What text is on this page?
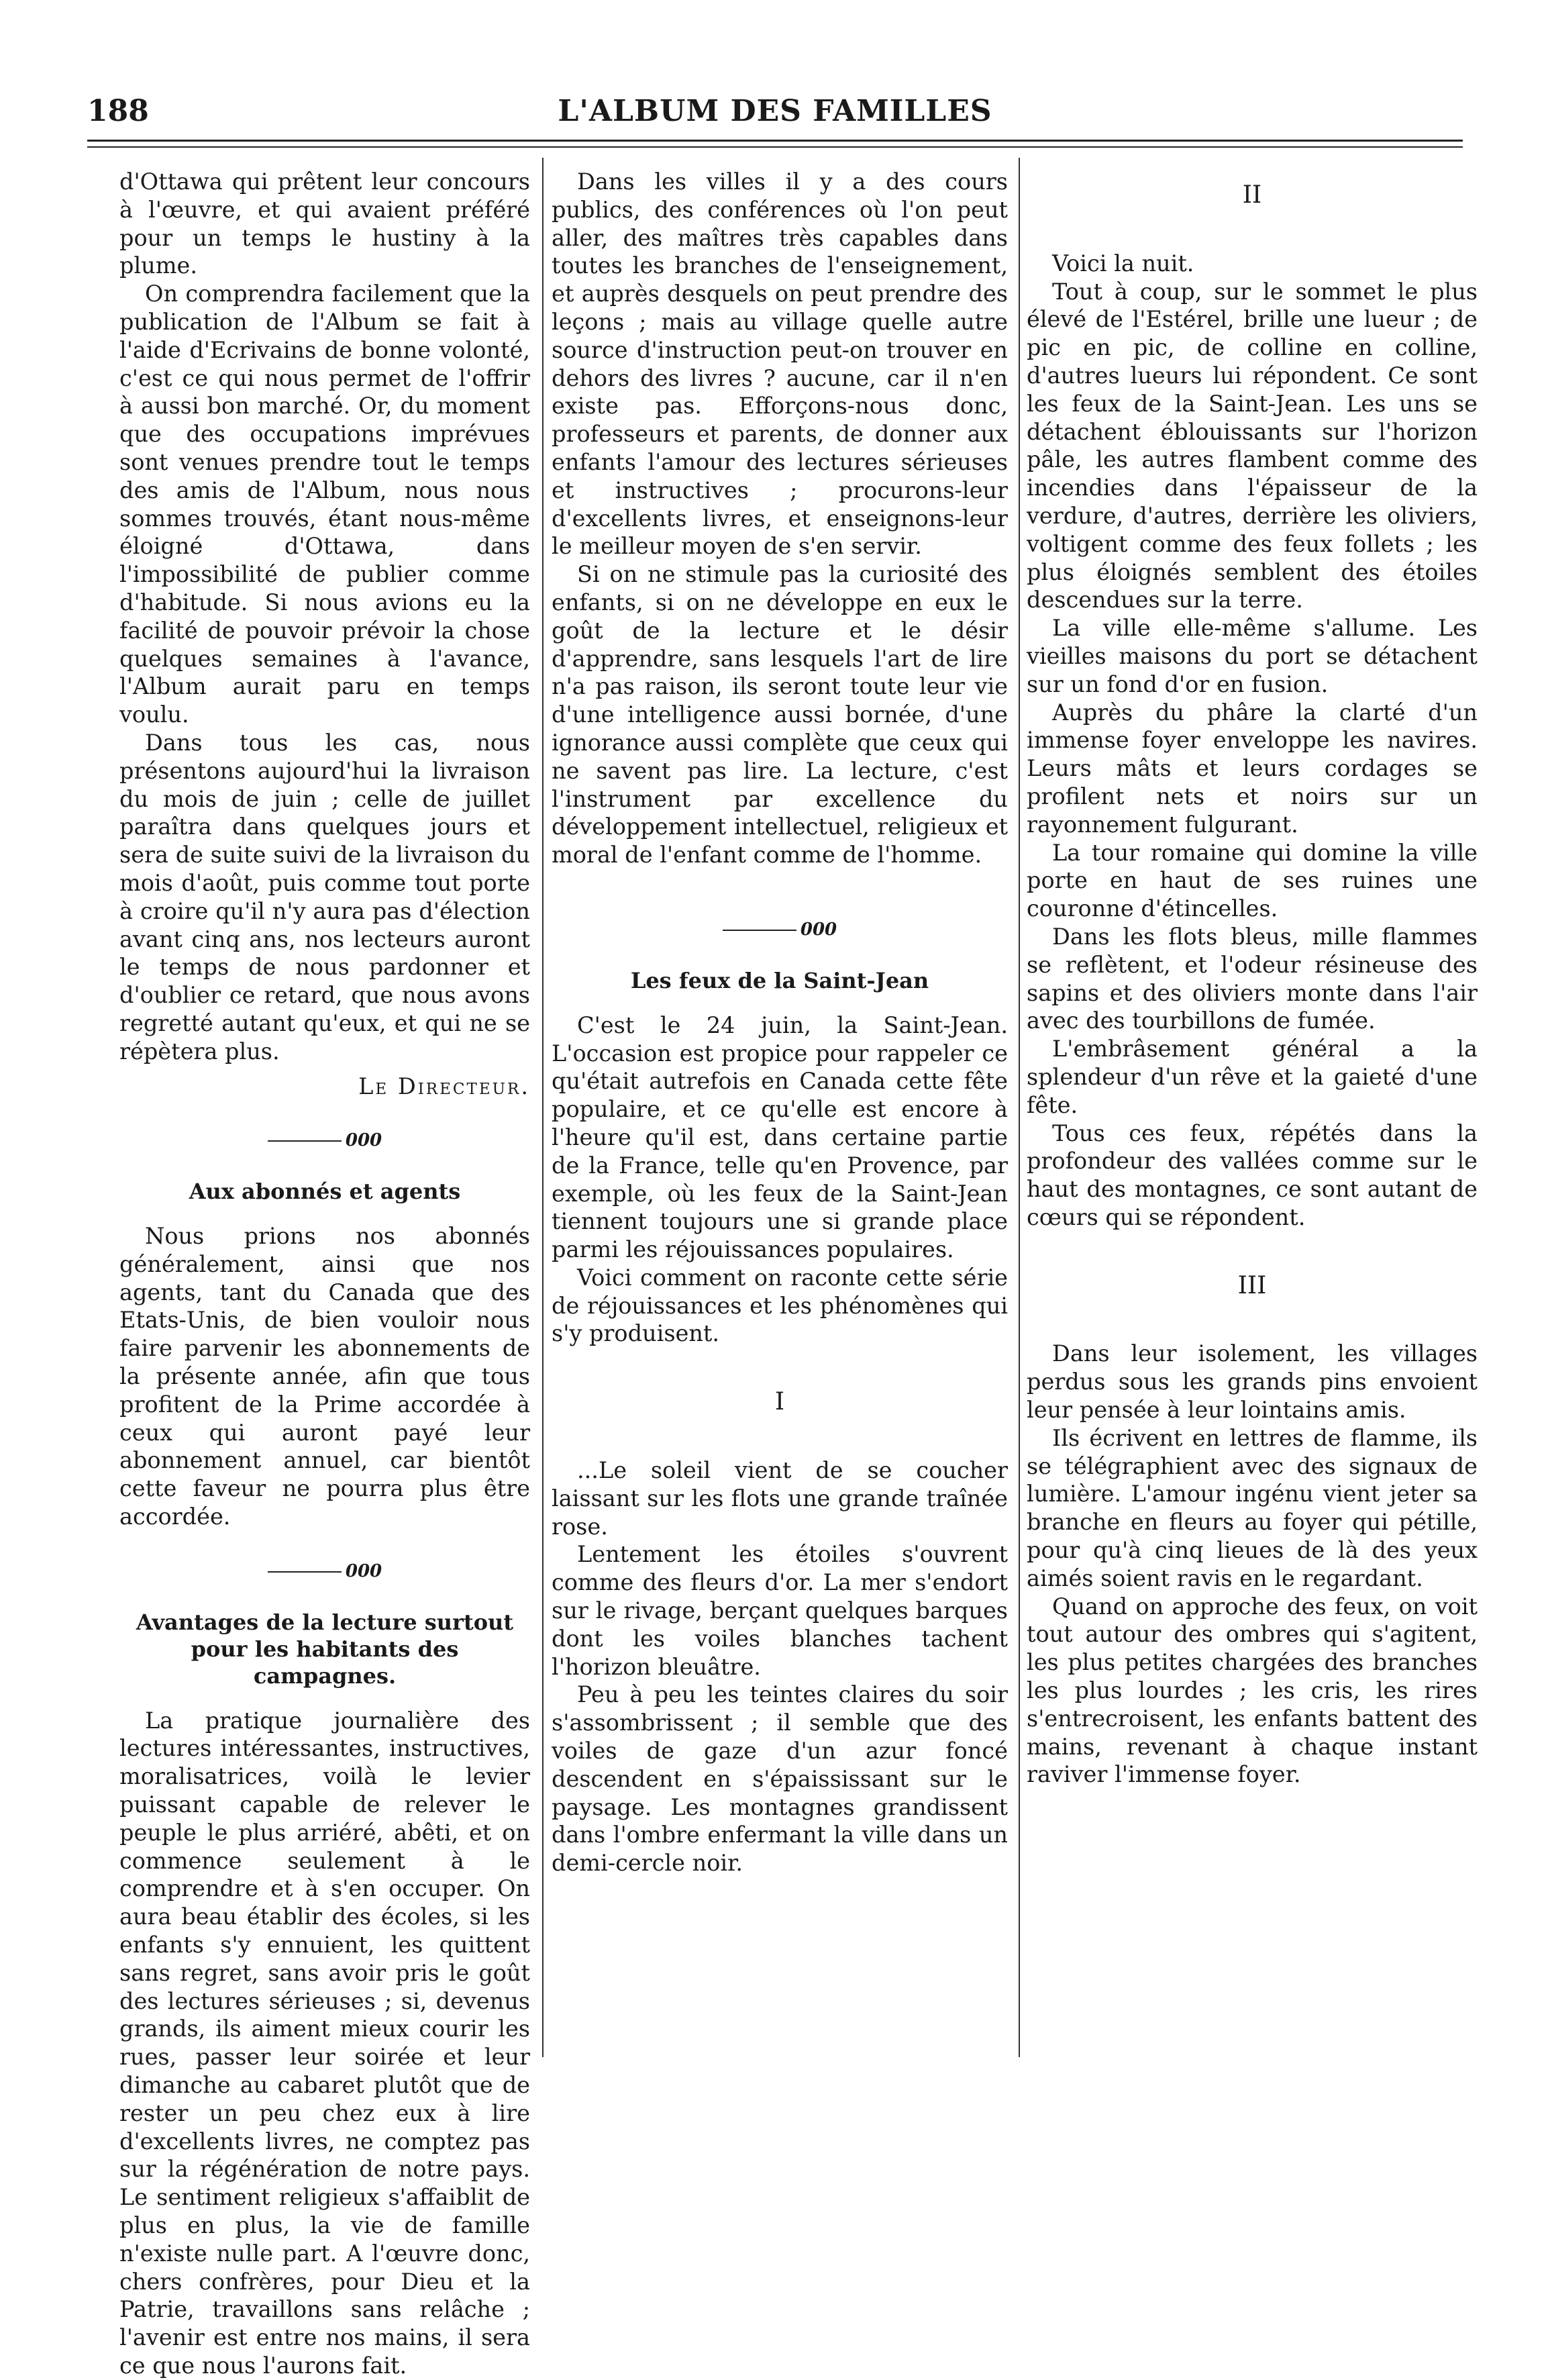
188	L'ALBUM DES FAMILLES

d'Ottawa qui prêtent leur concours à l'œuvre, et qui avaient préféré pour un temps le hustiny à la plume.

On comprendra facilement que la publication de l'Album se fait à l'aide d'Ecrivains de bonne volonté, c'est ce qui nous permet de l'offrir à aussi bon marché. Or, du moment que des occupations imprévues sont venues prendre tout le temps des amis de l'Album, nous nous sommes trouvés, étant nous-même éloigné d'Ottawa, dans l'impossibilité de publier comme d'habitude. Si nous avions eu la facilité de pouvoir prévoir la chose quelques semaines à l'avance, l'Album aurait paru en temps voulu.

Dans tous les cas, nous présentons aujourd'hui la livraison du mois de juin ; celle de juillet paraîtra dans quelques jours et sera de suite suivi de la livraison du mois d'août, puis comme tout porte à croire qu'il n'y aura pas d'élection avant cinq ans, nos lecteurs auront le temps de nous pardonner et d'oublier ce retard, que nous avons regretté autant qu'eux, et qui ne se répètera plus.

Le Directeur.
000
Aux abonnés et agents

Nous prions nos abonnés généralement, ainsi que nos agents, tant du Canada que des Etats-Unis, de bien vouloir nous faire parvenir les abonnements de la présente année, afin que tous profitent de la Prime accordée à ceux qui auront payé leur abonnement annuel, car bientôt cette faveur ne pourra plus être accordée.

000
Avantages de la lecture surtout pour les habitants des campagnes.

La pratique journalière des lectures intéressantes, instructives, moralisatrices, voilà le levier puissant capable de relever le peuple le plus arriéré, abêti, et on commence seulement à le comprendre et à s'en occuper. On aura beau établir des écoles, si les enfants s'y ennuient, les quittent sans regret, sans avoir pris le goût des lectures sérieuses ; si, devenus grands, ils aiment mieux courir les rues, passer leur soirée et leur dimanche au cabaret plutôt que de rester un peu chez eux à lire d'excellents livres, ne comptez pas sur la régénération de notre pays. Le sentiment religieux s'affaiblit de plus en plus, la vie de famille n'existe nulle part. A l'œuvre donc, chers confrères, pour Dieu et la Patrie, travaillons sans relâche ; l'avenir est entre nos mains, il sera ce que nous l'aurons fait.

Dans les villes il y a des cours publics, des conférences où l'on peut aller, des maîtres très capables dans toutes les branches de l'enseignement, et auprès desquels on peut prendre des leçons ; mais au village quelle autre source d'instruction peut-on trouver en dehors des livres ? aucune, car il n'en existe pas. Efforçons-nous donc, professeurs et parents, de donner aux enfants l'amour des lectures sérieuses et instructives ; procurons-leur d'excellents livres, et enseignons-leur le meilleur moyen de s'en servir.

Si on ne stimule pas la curiosité des enfants, si on ne développe en eux le goût de la lecture et le désir d'apprendre, sans lesquels l'art de lire n'a pas raison, ils seront toute leur vie d'une intelligence aussi bornée, d'une ignorance aussi complète que ceux qui ne savent pas lire. La lecture, c'est l'instrument par excellence du développement intellectuel, religieux et moral de l'enfant comme de l'homme.

000
Les feux de la Saint-Jean

C'est le 24 juin, la Saint-Jean. L'occasion est propice pour rappeler ce qu'était autrefois en Canada cette fête populaire, et ce qu'elle est encore à l'heure qu'il est, dans certaine partie de la France, telle qu'en Provence, par exemple, où les feux de la Saint-Jean tiennent toujours une si grande place parmi les réjouissances populaires.

Voici comment on raconte cette série de réjouissances et les phénomènes qui s'y produisent.

I

...Le soleil vient de se coucher laissant sur les flots une grande traînée rose.

Lentement les étoiles s'ouvrent comme des fleurs d'or. La mer s'endort sur le rivage, berçant quelques barques dont les voiles blanches tachent l'horizon bleuâtre.

Peu à peu les teintes claires du soir s'assombrissent ; il semble que des voiles de gaze d'un azur foncé descendent en s'épaississant sur le paysage. Les montagnes grandissent dans l'ombre enfermant la ville dans un demi-cercle noir.

II

Voici la nuit.

Tout à coup, sur le sommet le plus élevé de l'Estérel, brille une lueur ; de pic en pic, de colline en colline, d'autres lueurs lui répondent. Ce sont les feux de la Saint-Jean. Les uns se détachent éblouissants sur l'horizon pâle, les autres flambent comme des incendies dans l'épaisseur de la verdure, d'autres, derrière les oliviers, voltigent comme des feux follets ; les plus éloignés semblent des étoiles descendues sur la terre.

La ville elle-même s'allume. Les vieilles maisons du port se détachent sur un fond d'or en fusion.

Auprès du phâre la clarté d'un immense foyer enveloppe les navires. Leurs mâts et leurs cordages se profilent nets et noirs sur un rayonnement fulgurant.

La tour romaine qui domine la ville porte en haut de ses ruines une couronne d'étincelles.

Dans les flots bleus, mille flammes se reflètent, et l'odeur résineuse des sapins et des oliviers monte dans l'air avec des tourbillons de fumée.

L'embrâsement général a la splendeur d'un rêve et la gaieté d'une fête.

Tous ces feux, répétés dans la profondeur des vallées comme sur le haut des montagnes, ce sont autant de cœurs qui se répondent.

III

Dans leur isolement, les villages perdus sous les grands pins envoient leur pensée à leur lointains amis.

Ils écrivent en lettres de flamme, ils se télégraphient avec des signaux de lumière. L'amour ingénu vient jeter sa branche en fleurs au foyer qui pétille, pour qu'à cinq lieues de là des yeux aimés soient ravis en le regardant.

Quand on approche des feux, on voit tout autour des ombres qui s'agitent, les plus petites chargées des branches les plus lourdes ; les cris, les rires s'entrecroisent, les enfants battent des mains, revenant à chaque instant raviver l'immense foyer.
